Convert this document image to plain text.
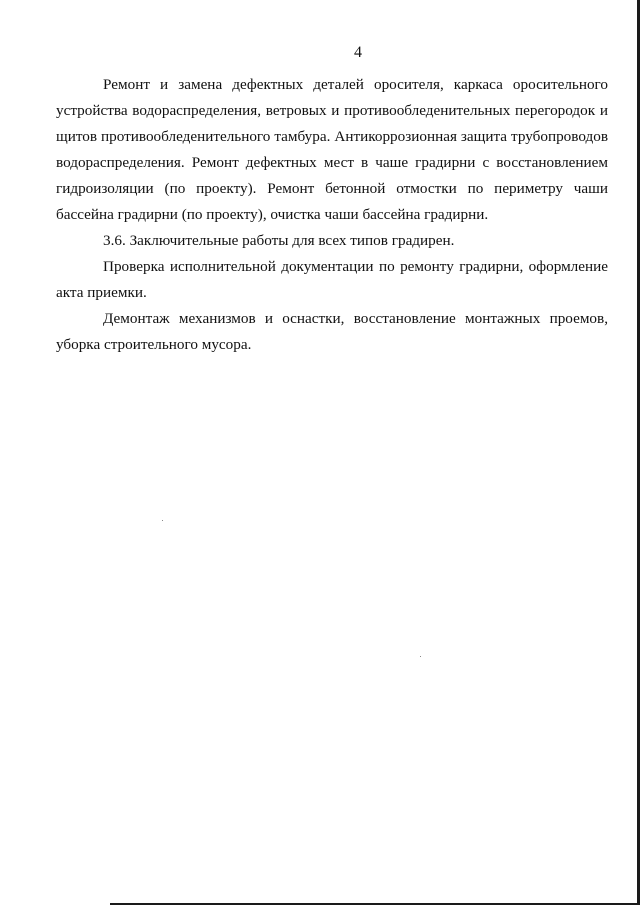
4

Ремонт и замена дефектных деталей оросителя, каркаса оросительного устройства водораспределения, ветровых и противообледенительных перегородок и щитов противообледенительного тамбура. Антикоррозионная защита трубопроводов водораспределения. Ремонт дефектных мест в чаше градирни с восстановлением гидроизоляции (по проекту). Ремонт бетонной отмостки по периметру чаши бассейна градирни (по проекту), очистка чаши бассейна градирни.

3.6. Заключительные работы для всех типов градирен.

Проверка исполнительной документации по ремонту градирни, оформление акта приемки.

Демонтаж механизмов и оснастки, восстановление монтажных проемов, уборка строительного мусора.
